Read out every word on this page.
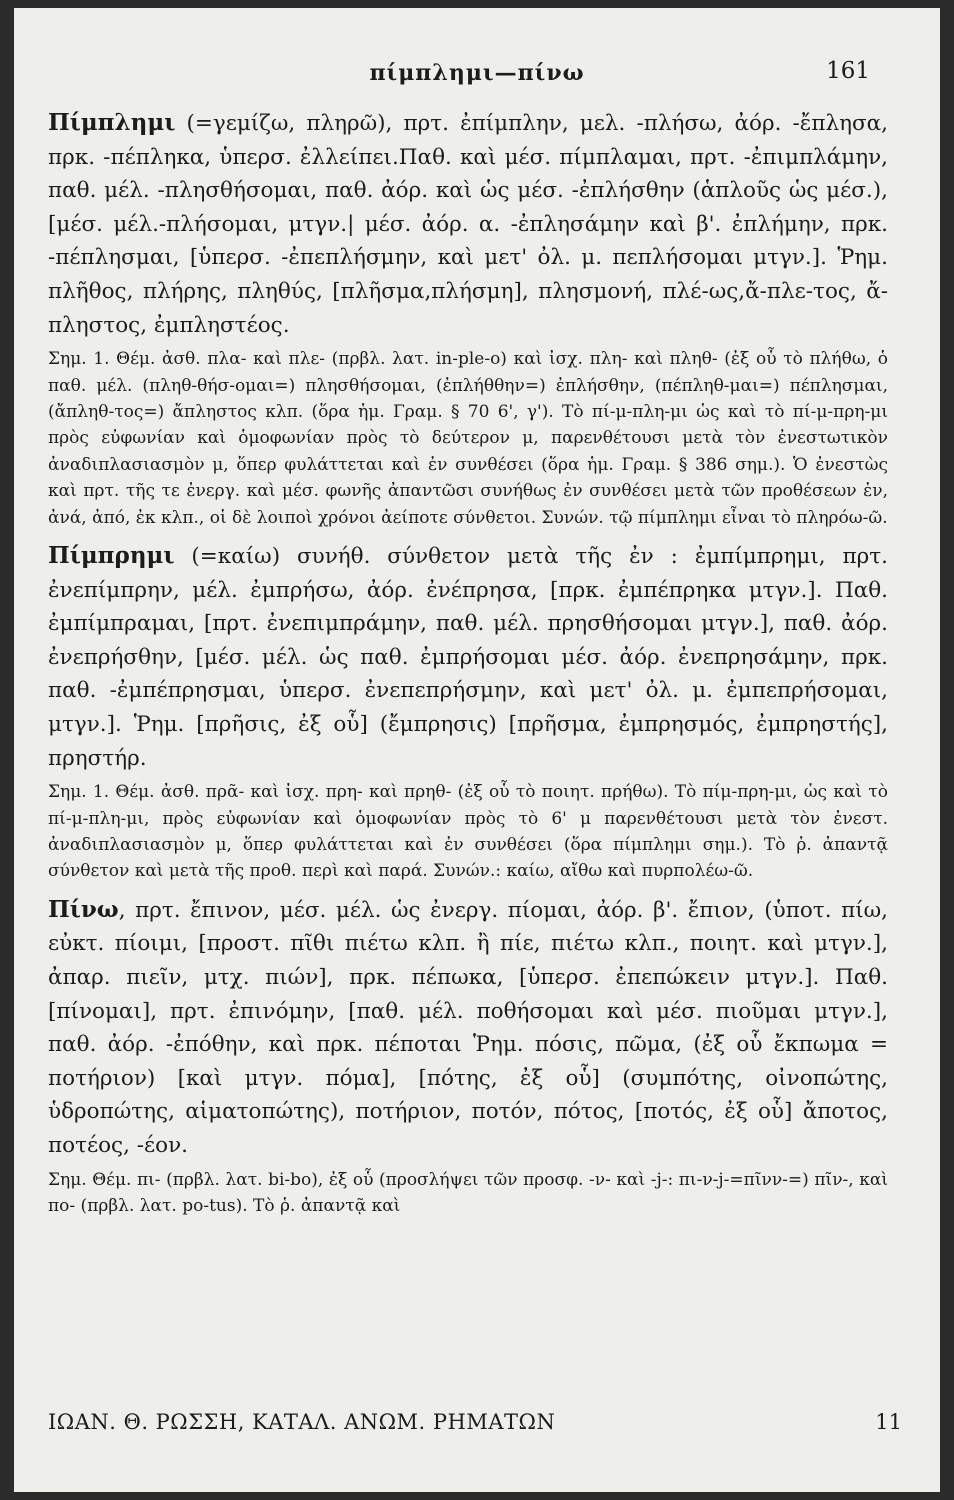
πίμπλημι—πίνω	161

Πίμπλημι (=γεμίζω, πληρῶ), πρτ. ἐπίμπλην, μελ. -πλήσω, ἀόρ. -ἔπλησα, πρκ. -πέπληκα, ὑπερσ. ἐλλείπει.Παθ. καὶ μέσ. πίμπλαμαι, πρτ. -ἐπιμπλάμην, παθ. μέλ. -πλησθήσομαι, παθ. ἀόρ. καὶ ὡς μέσ. -ἐπλήσθην (ἁπλοῦς ὡς μέσ.), [μέσ. μέλ.-πλήσομαι, μτγν.| μέσ. ἀόρ. α. -ἐπλησάμην καὶ β'. ἐπλήμην, πρκ. -πέπλησμαι, [ὑπερσ. -ἐπεπλήσμην, καὶ μετ' ὀλ. μ. πεπλήσομαι μτγν.]. Ῥημ. πλῆθος, πλήρης, πληθύς, [πλῆσμα,πλήσμη], πλησμονή, πλέ-ως,ἄ-πλε-τος, ἄ-πληστος, ἐμπληστέος.

Σημ. 1. Θέμ. ἀσθ. πλα- καὶ πλε- (πρβλ. λατ. in-ple-o) καὶ ἰσχ. πλη- καὶ πληθ- (ἐξ οὗ τὸ πλήθω, ὁ παθ. μέλ. (πληθ-θήσ-ομαι=) πλησθήσομαι, (ἐπλήθθην=) ἐπλήσθην, (πέπληθ-μαι=) πέπλησμαι, (ἄπληθ-τος=) ἄπληστος κλπ. (ὅρα ἡμ. Γραμ. § 70 6', γ'). Τὸ πί-μ-πλη-μι ὡς καὶ τὸ πί-μ-πρη-μι πρὸς εὐφωνίαν καὶ ὁμοφωνίαν πρὸς τὸ δεύτερον μ, παρενθέτουσι μετὰ τὸν ἐνεστωτικὸν ἀναδιπλασιασμὸν μ, ὅπερ φυλάττεται καὶ ἐν συνθέσει (ὅρα ἡμ. Γραμ. § 386 σημ.). Ὁ ἐνεστὼς καὶ πρτ. τῆς τε ἐνεργ. καὶ μέσ. φωνῆς ἀπαντῶσι συνήθως ἐν συνθέσει μετὰ τῶν προθέσεων ἐν, ἀνά, ἀπό, ἐκ κλπ., οἱ δὲ λοιποὶ χρόνοι ἀείποτε σύνθετοι. Συνών. τῷ πίμπλημι εἶναι τὸ πληρόω-ῶ.

Πίμπρημι (=καίω) συνήθ. σύνθετον μετὰ τῆς ἐν : ἐμπίμπρημι, πρτ. ἐνεπίμπρην, μέλ. ἐμπρήσω, ἀόρ. ἐνέπρησα, [πρκ. ἐμπέπρηκα μτγν.]. Παθ. ἐμπίμπραμαι, [πρτ. ἐνεπιμπράμην, παθ. μέλ. πρησθήσομαι μτγν.], παθ. ἀόρ. ἐνεπρήσθην, [μέσ. μέλ. ὡς παθ. ἐμπρήσομαι μέσ. ἀόρ. ἐνεπρησάμην, πρκ. παθ. -ἐμπέπρησμαι, ὑπερσ. ἐνεπεπρήσμην, καὶ μετ' ὀλ. μ. ἐμπεπρήσομαι, μτγν.]. Ῥημ. [πρῆσις, ἐξ οὗ] (ἔμπρησις) [πρῆσμα, ἐμπρησμός, ἐμπρηστής], πρηστήρ.

Σημ. 1. Θέμ. ἀσθ. πρᾶ- καὶ ἰσχ. πρη- καὶ πρηθ- (ἐξ οὗ τὸ ποιητ. πρήθω). Τὸ πίμ-πρη-μι, ὡς καὶ τὸ πί-μ-πλη-μι, πρὸς εὐφωνίαν καὶ ὁμοφωνίαν πρὸς τὸ 6' μ παρενθέτουσι μετὰ τὸν ἐνεστ. ἀναδιπλασιασμὸν μ, ὅπερ φυλάττεται καὶ ἐν συνθέσει (ὅρα πίμπλημι σημ.). Τὸ ῥ. ἀπαντᾷ σύνθετον καὶ μετὰ τῆς προθ. περὶ καὶ παρά. Συνών.: καίω, αἴθω καὶ πυρπολέω-ῶ.

Πίνω, πρτ. ἔπινον, μέσ. μέλ. ὡς ἐνεργ. πίομαι, ἀόρ. β'. ἔπιον, (ὑποτ. πίω, εὐκτ. πίοιμι, [προστ. πῖθι πιέτω κλπ. ἢ πίε, πιέτω κλπ., ποιητ. καὶ μτγν.], ἀπαρ. πιεῖν, μτχ. πιών], πρκ. πέπωκα, [ὑπερσ. ἐπεπώκειν μτγν.]. Παθ. [πίνομαι], πρτ. ἐπινόμην, [παθ. μέλ. ποθήσομαι καὶ μέσ. πιοῦμαι μτγν.], παθ. ἀόρ. -ἐπόθην, καὶ πρκ. πέποται Ῥημ. πόσις, πῶμα, (ἐξ οὗ ἔκπωμα = ποτήριον) [καὶ μτγν. πόμα], [πότης, ἐξ οὗ] (συμπότης, οἰνοπώτης, ὑδροπώτης, αἱματοπώτης), ποτήριον, ποτόν, πότος, [ποτός, ἐξ οὗ] ἄποτος, ποτέος, -έον.

Σημ. Θέμ. πι- (πρβλ. λατ. bi-bo), ἐξ οὗ (προσλήψει τῶν προσφ. -ν- καὶ -j-: πι-ν-j-=πῖνν-=) πῖν-, καὶ πο- (πρβλ. λατ. po-tus). Τὸ ῥ. ἀπαντᾷ καὶ

ΙΩΑΝ. Θ. ΡΩΣΣΗ, ΚΑΤΑΛ. ΑΝΩΜ. ΡΗΜΑΤΩΝ	11
